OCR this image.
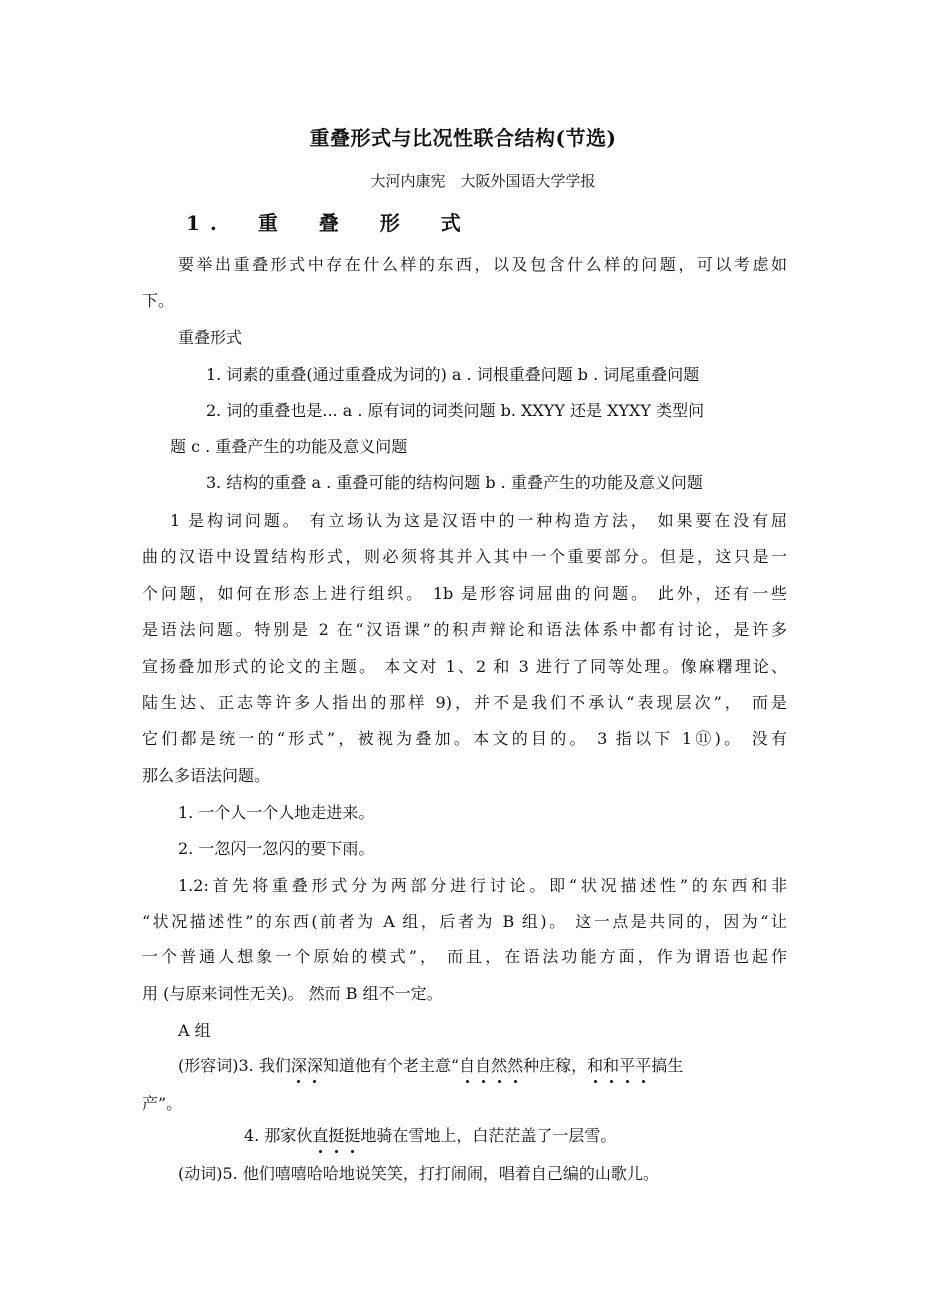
重叠形式与比况性联合结构(节选)
大河内康宪　大阪外国语大学学报
1. 重 叠 形 式
要举出重叠形式中存在什么样的东西，以及包含什么样的问题，可以考虑如
下。
重叠形式
1. 词素的重叠(通过重叠成为词的) a . 词根重叠问题 b . 词尾重叠问题
2. 词的重叠也是... a . 原有词的词类问题 b. XXYY 还是 XYXY 类型问
题 c . 重叠产生的功能及意义问题
3. 结构的重叠 a . 重叠可能的结构问题 b . 重叠产生的功能及意义问题
1 是构词问题。 有立场认为这是汉语中的一种构造方法， 如果要在没有屈
曲的汉语中设置结构形式，则必须将其并入其中一个重要部分。但是，这只是一
个问题，如何在形态上进行组织。 1b 是形容词屈曲的问题。 此外，还有一些
是语法问题。特别是 2 在“汉语课”的积声辩论和语法体系中都有讨论，是许多
宣扬叠加形式的论文的主题。 本文对 1、2 和 3 进行了同等处理。像麻糬理论、
陆生达、正志等许多人指出的那样 9)，并不是我们不承认“表现层次”， 而是
它们都是统一的“形式”，被视为叠加。本文的目的。 3 指以下 1⑪)。 没有
那么多语法问题。
1. 一个人一个人地走进来。
2. 一忽闪一忽闪的要下雨。
1.2:首先将重叠形式分为两部分进行讨论。即“状况描述性”的东西和非
“状况描述性”的东西(前者为 A 组，后者为 B 组)。 这一点是共同的，因为“让
一个普通人想象一个原始的模式”， 而且，在语法功能方面，作为谓语也起作
用 (与原来词性无关)。 然而 B 组不一定。
A 组
(形容词)3. 我们深深知道他有个老主意“自自然然种庄稼，和和平平搞生
产”。
4. 那家伙直挺挺地骑在雪地上，白茫茫盖了一层雪。
(动词)5. 他们嘻嘻哈哈地说笑笑，打打闹闹，唱着自己编的山歌儿。
